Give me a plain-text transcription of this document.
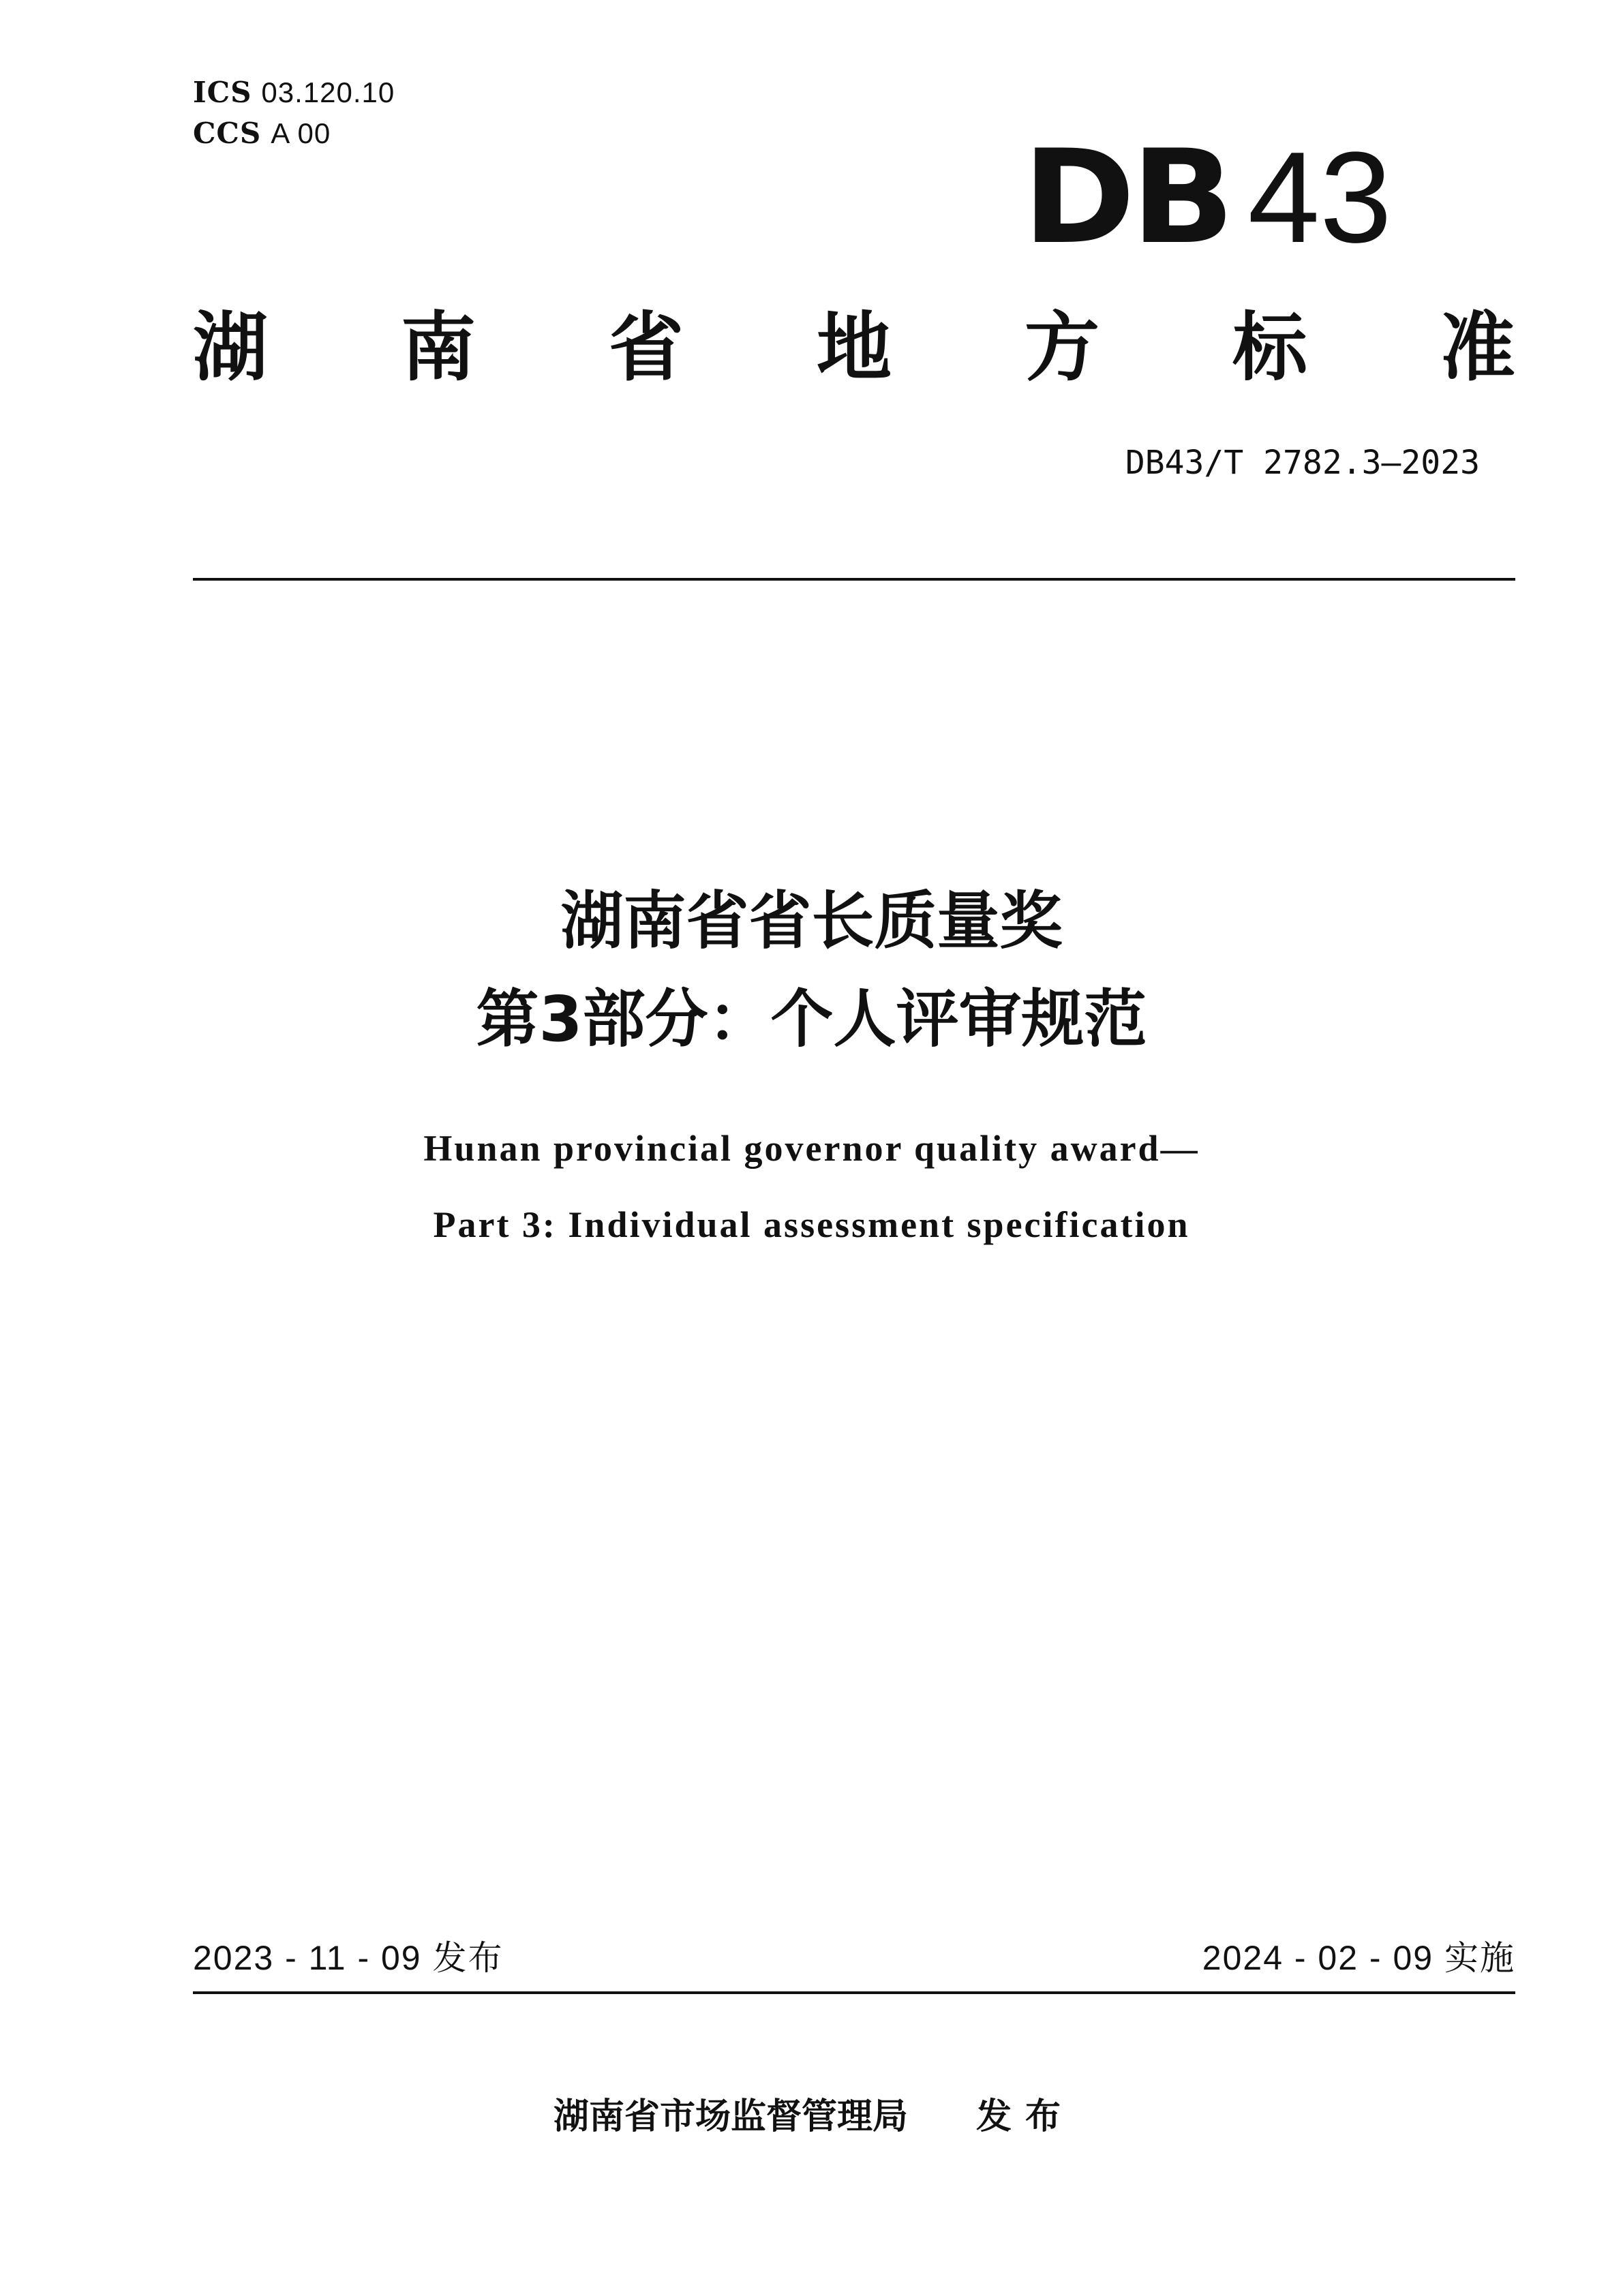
ICS 03.120.10
CCS A 00	DB 43
湖 南 省 地 方 标 准
DB43/T 2782.3—2023
湖南省省长质量奖
第3部分：个人评审规范
Hunan provincial governor quality award—
Part 3: Individual assessment specification
2023 - 11 - 09 发布	2024 - 02 - 09 实施
湖南省市场监督管理局 发布
